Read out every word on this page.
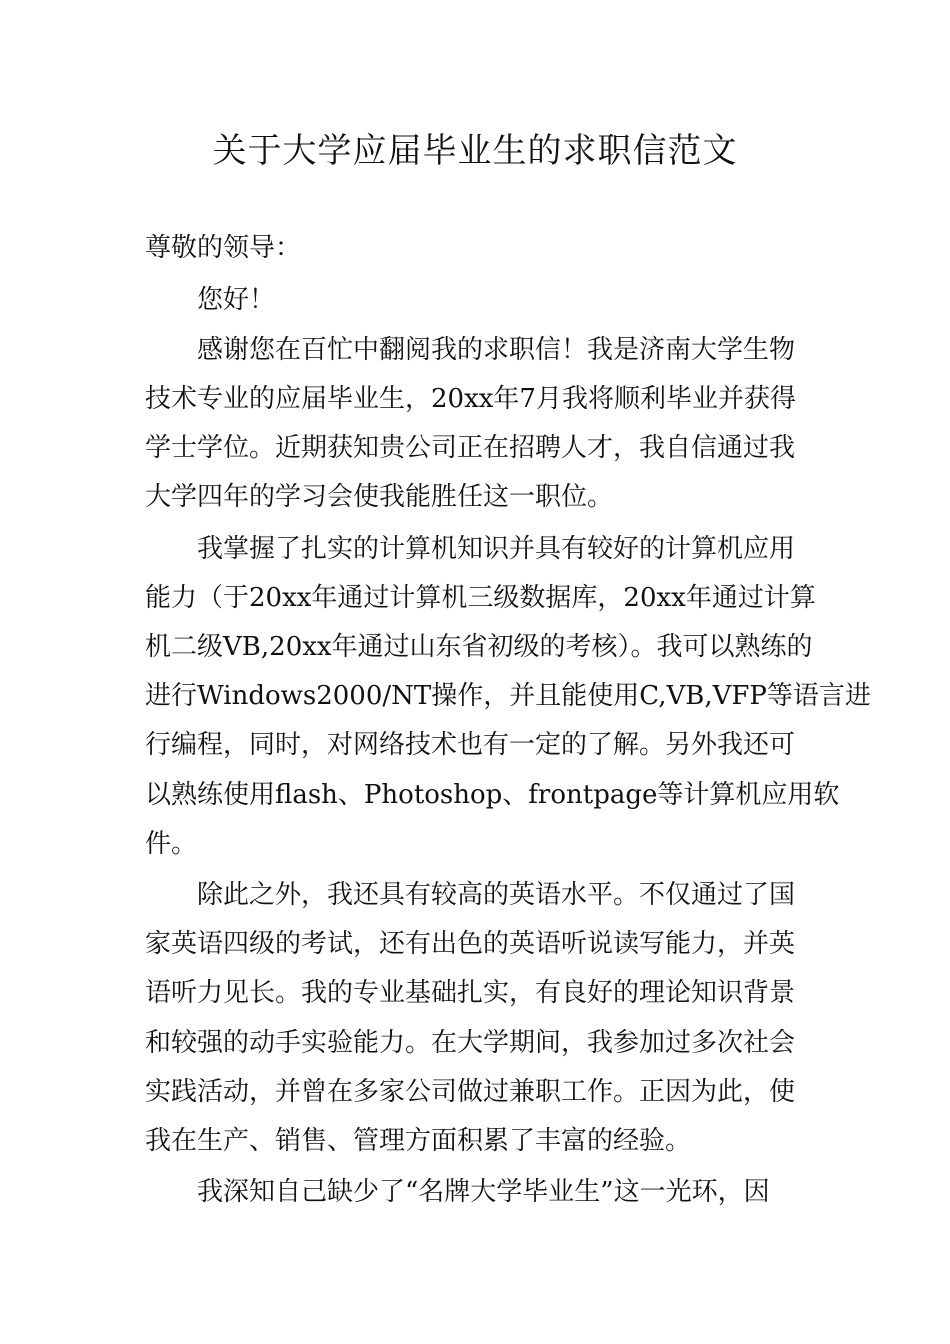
关于大学应届毕业生的求职信范文
尊敬的领导：
您好！
感谢您在百忙中翻阅我的求职信！我是济南大学生物
技术专业的应届毕业生，20xx年7月我将顺利毕业并获得
学士学位。近期获知贵公司正在招聘人才，我自信通过我
大学四年的学习会使我能胜任这一职位。
我掌握了扎实的计算机知识并具有较好的计算机应用
能力（于20xx年通过计算机三级数据库，20xx年通过计算
机二级VB,20xx年通过山东省初级的考核）。我可以熟练的
进行Windows2000/NT操作，并且能使用C,VB,VFP等语言进
行编程，同时，对网络技术也有一定的了解。另外我还可
以熟练使用flash、Photoshop、frontpage等计算机应用软
件。
除此之外，我还具有较高的英语水平。不仅通过了国
家英语四级的考试，还有出色的英语听说读写能力，并英
语听力见长。我的专业基础扎实，有良好的理论知识背景
和较强的动手实验能力。在大学期间，我参加过多次社会
实践活动，并曾在多家公司做过兼职工作。正因为此，使
我在生产、销售、管理方面积累了丰富的经验。
我深知自己缺少了“名牌大学毕业生”这一光环，因
